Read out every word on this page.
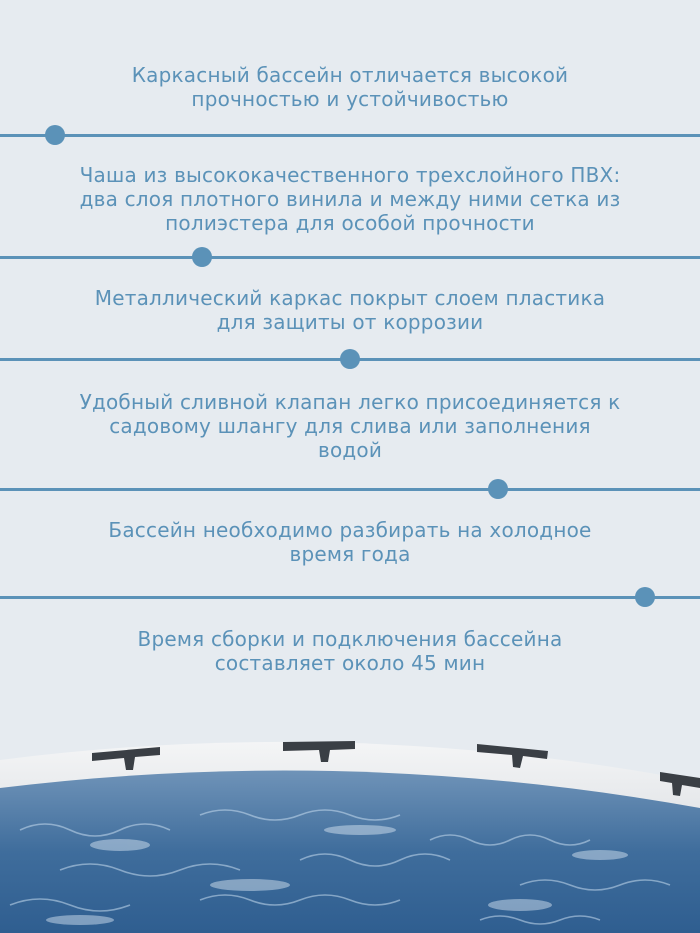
Каркасный бассейн отличается высокой
прочностью и устойчивостью
Чаша из высококачественного трехслойного ПВХ:
два слоя плотного винила и между ними сетка из
полиэстера для особой прочности
Металлический каркас покрыт слоем пластика
для защиты от коррозии
Удобный сливной клапан легко присоединяется к
садовому шлангу для слива или заполнения
водой
Бассейн необходимо разбирать на холодное
время года
Время сборки и подключения бассейна
составляет около 45 мин
